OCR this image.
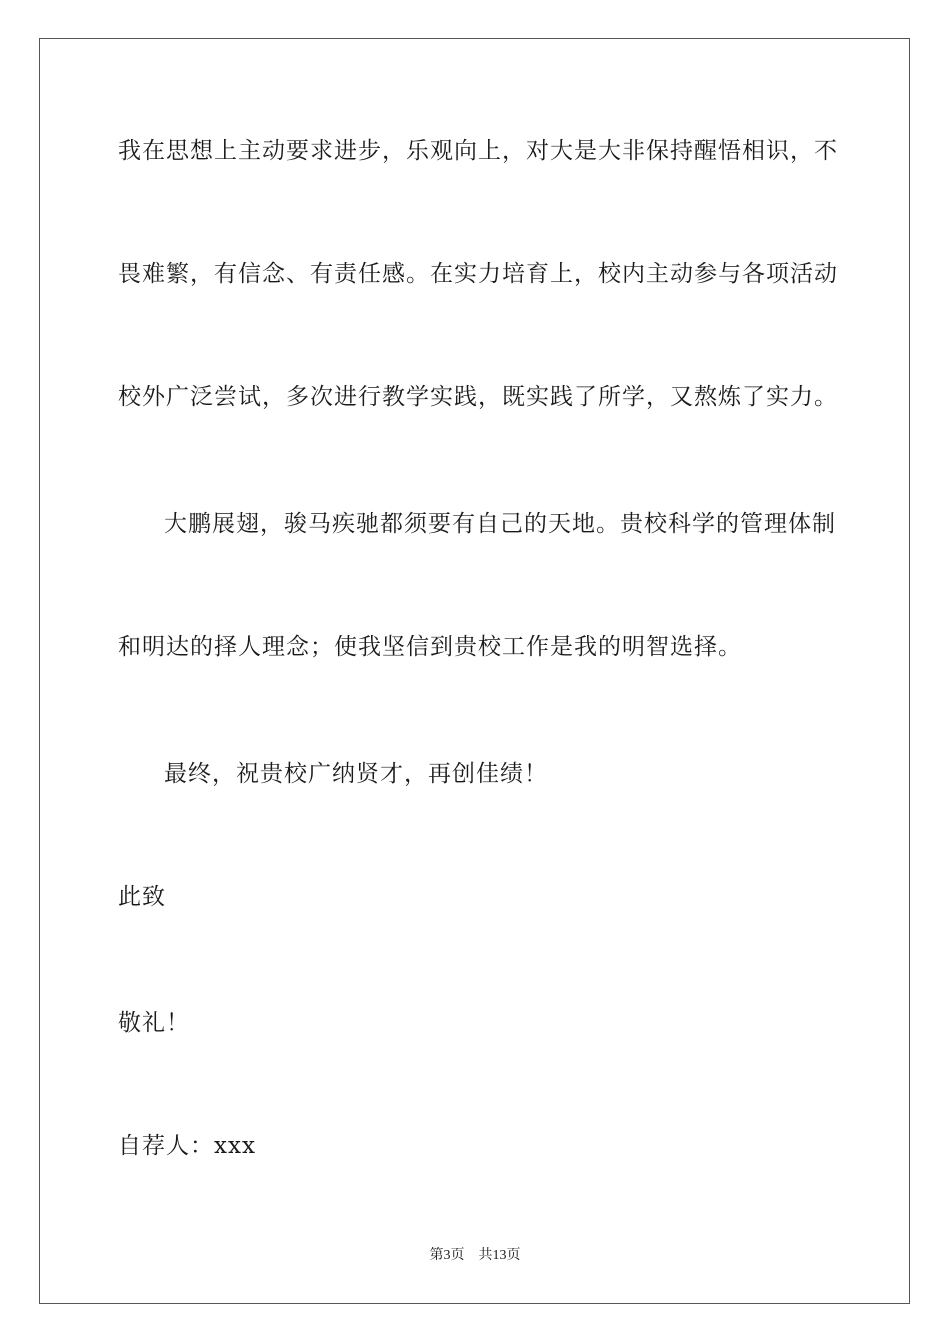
我在思想上主动要求进步，乐观向上，对大是大非保持醒悟相识，不
畏难繁，有信念、有责任感。在实力培育上，校内主动参与各项活动
校外广泛尝试，多次进行教学实践，既实践了所学，又熬炼了实力。
大鹏展翅，骏马疾驰都须要有自己的天地。贵校科学的管理体制
和明达的择人理念；使我坚信到贵校工作是我的明智选择。
最终，祝贵校广纳贤才，再创佳绩！
此致
敬礼！
自荐人：xxx
第3页 共13页
